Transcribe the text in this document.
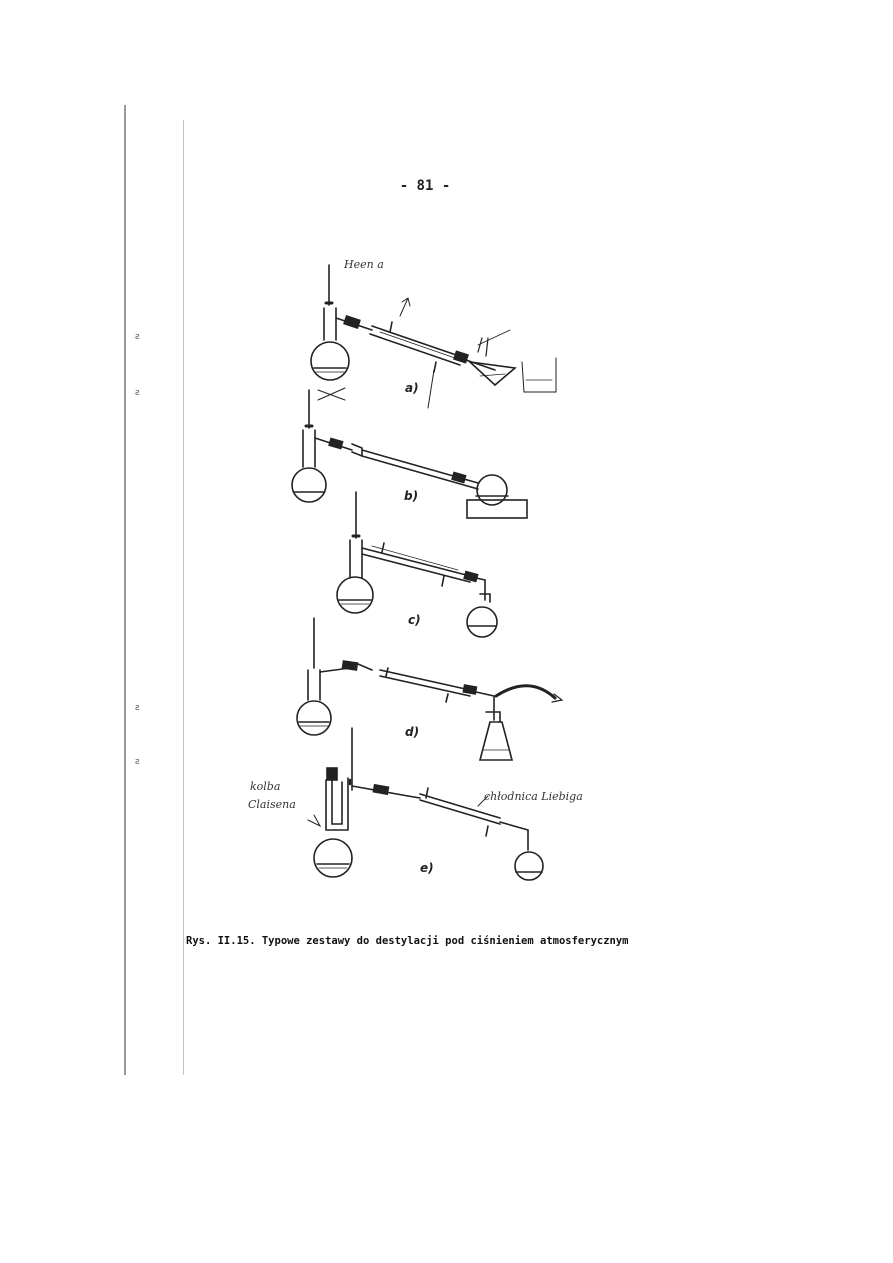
ƨ
ƨ
ƨ
ƨ
- 81 -
a)
b)
c)
d)
e)
Heen a
kolba
Claisena
chłodnica Liebiga
Rys. II.15. Typowe zestawy do destylacji pod ciśnieniem atmosferycznym
